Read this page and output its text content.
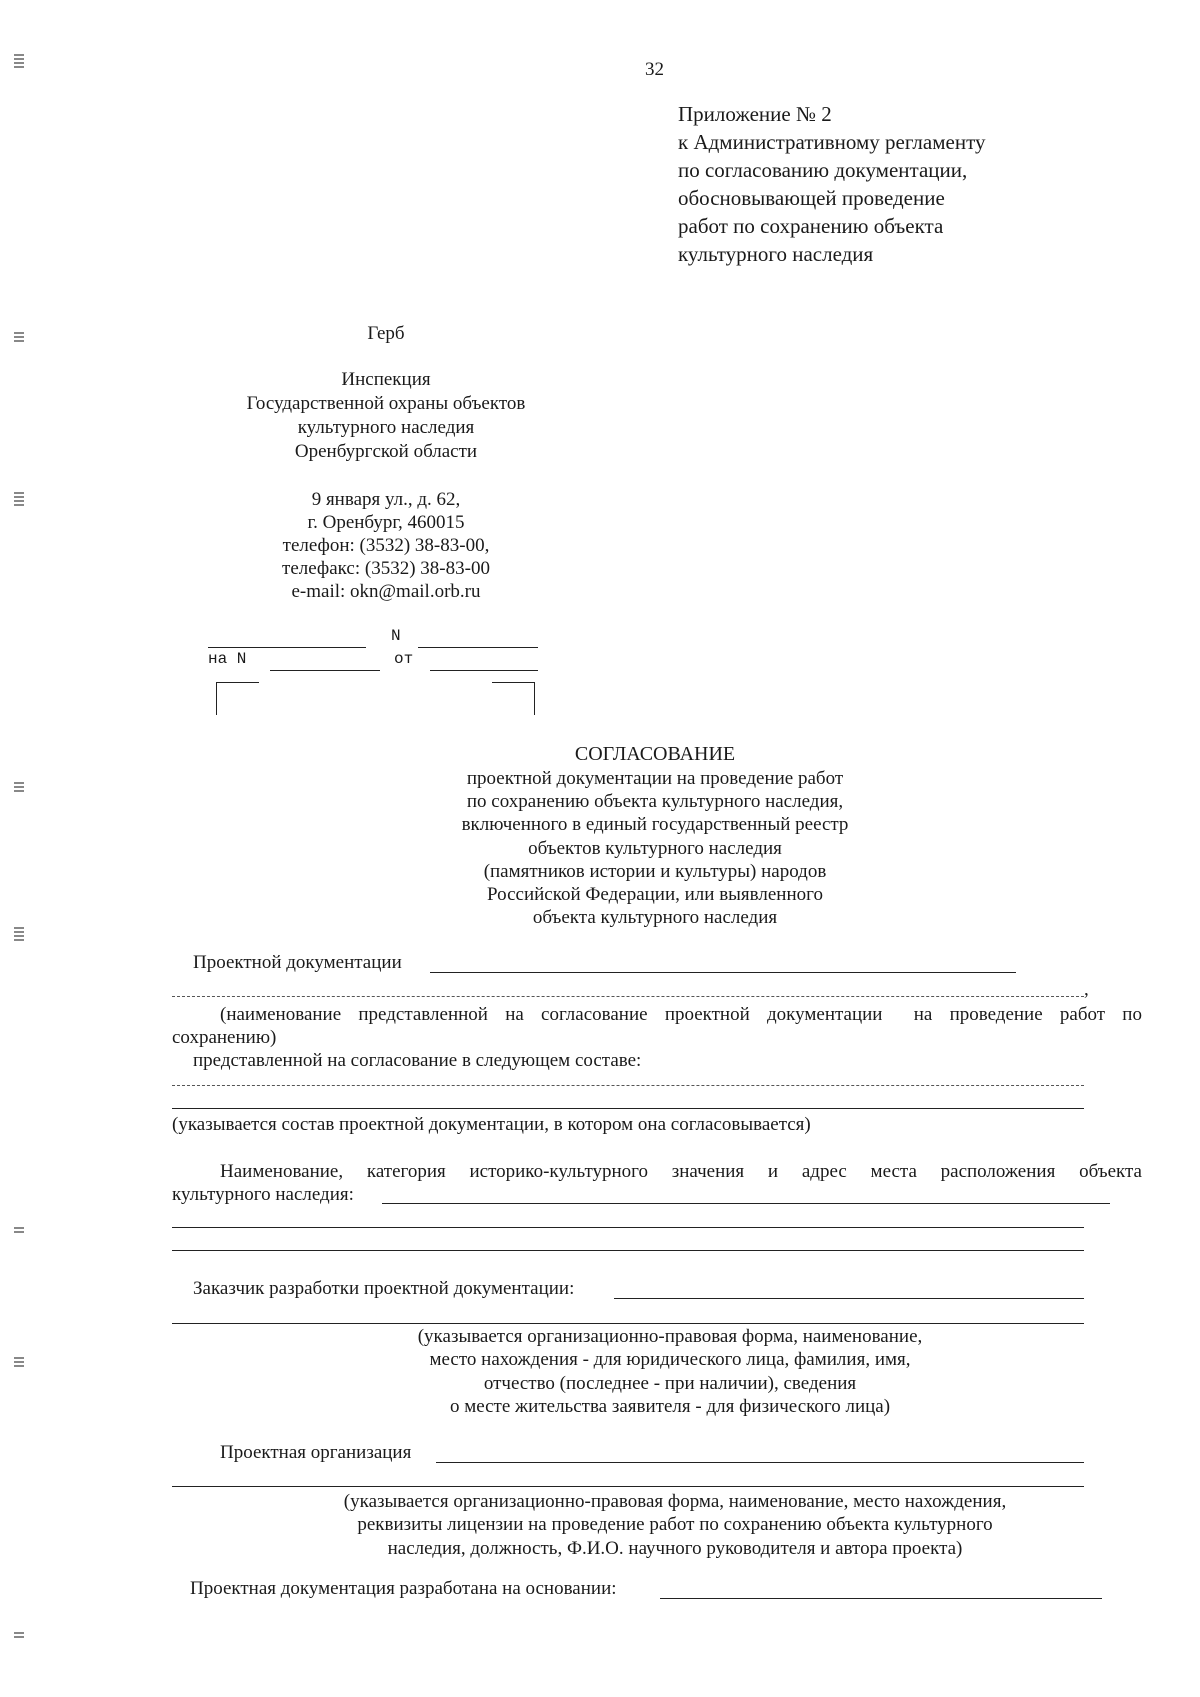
32
Приложение № 2
к Административному регламенту
по согласованию документации,
обосновывающей проведение
работ по сохранению объекта
культурного наследия
Герб
Инспекция
Государственной охраны объектов
культурного наследия
Оренбургской области
9 января ул., д. 62,
г. Оренбург, 460015
телефон: (3532) 38-83-00,
телефакс: (3532) 38-83-00
e-mail: okn@mail.orb.ru
N
на N	от
СОГЛАСОВАНИЕ
проектной документации на проведение работ
по сохранению объекта культурного наследия,
включенного в единый государственный реестр
объектов культурного наследия
(памятников истории и культуры) народов
Российской Федерации, или выявленного
объекта культурного наследия
Проектной документации
,
(наименование представленной на согласование проектной документации на проведение работ по
сохранению)
представленной на согласование в следующем составе:
(указывается состав проектной документации, в котором она согласовывается)
Наименование, категория историко-культурного значения и адрес места расположения объекта
культурного наследия:
Заказчик разработки проектной документации:
(указывается организационно-правовая форма, наименование,
место нахождения - для юридического лица, фамилия, имя,
отчество (последнее - при наличии), сведения
о месте жительства заявителя - для физического лица)
Проектная организация
(указывается организационно-правовая форма, наименование, место нахождения,
реквизиты лицензии на проведение работ по сохранению объекта культурного
наследия, должность, Ф.И.О. научного руководителя и автора проекта)
Проектная документация разработана на основании:
